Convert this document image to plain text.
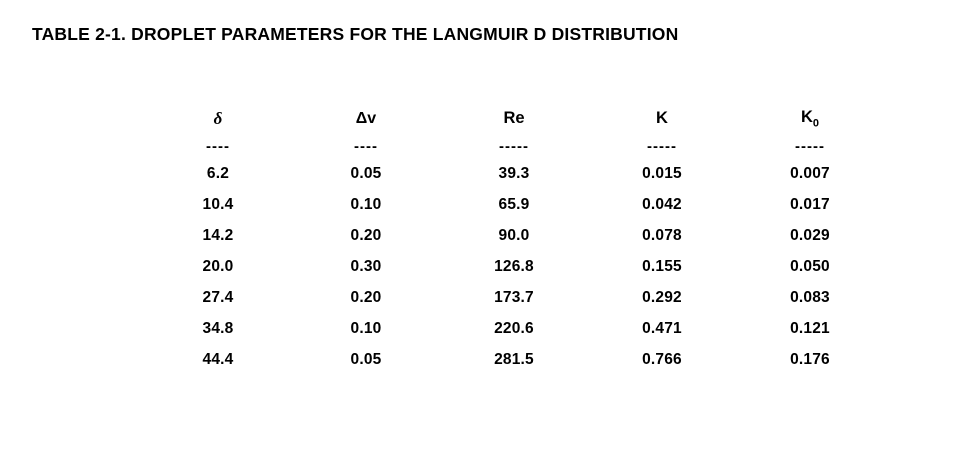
TABLE 2-1. DROPLET PARAMETERS FOR THE LANGMUIR D DISTRIBUTION
δ	Δv	Re	K	$K_0$
----	----	-----	-----	-----
6.2	0.05	39.3	0.015	0.007
10.4	0.10	65.9	0.042	0.017
14.2	0.20	90.0	0.078	0.029
20.0	0.30	126.8	0.155	0.050
27.4	0.20	173.7	0.292	0.083
34.8	0.10	220.6	0.471	0.121
44.4	0.05	281.5	0.766	0.176
